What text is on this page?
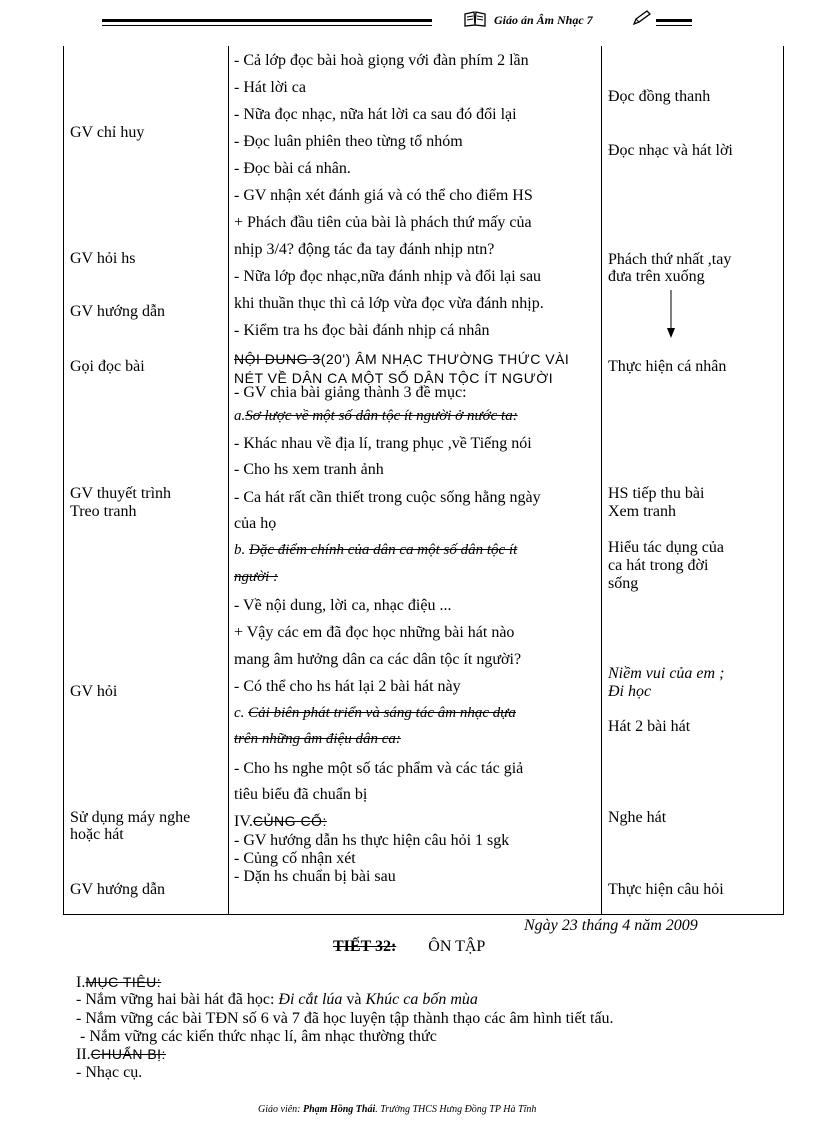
Giáo án Âm Nhạc 7
GV chỉ huy
GV hỏi hs
GV hướng dẫn
Gọi đọc bài
GV thuyết trình
Treo tranh
GV hỏi
Sử dụng máy nghe
hoặc hát
GV hướng dẫn
- Cả lớp đọc bài hoà giọng với đàn phím 2 lần
- Hát lời ca
- Nữa đọc nhạc, nữa hát lời ca sau đó đổi lại
- Đọc luân phiên theo từng tổ nhóm
- Đọc bài cá nhân.
- GV nhận xét đánh giá và có thể cho điểm HS
+ Phách đầu tiên của bài là phách thứ mấy của
nhịp 3/4? động tác đa tay đánh nhịp ntn?
- Nữa lớp đọc nhạc,nữa đánh nhịp và đổi lại sau
khi thuần thục thì cả lớp vừa đọc vừa đánh nhịp.
- Kiểm tra hs đọc bài đánh nhịp cá nhân
NỘI DUNG 3(20') ÂM NHẠC THƯỜNG THỨC VÀI
NÉT VỀ DÂN CA MỘT SỐ DÂN TỘC ÍT NGƯỜI
- GV chia bài giảng thành 3 đề mục:
a.Sơ lược về một số dân tộc ít người ở nước ta:
- Khác nhau về địa lí, trang phục ,về Tiếng nói
- Cho hs xem tranh ảnh
- Ca hát rất cần thiết trong cuộc sống hằng ngày
của họ
b. Đặc điểm chính của dân ca một số dân tộc ít
người :
- Về nội dung, lời ca, nhạc điệu ...
+ Vậy các em đã đọc học những bài hát nào
mang âm hưởng dân ca các dân tộc ít người?
- Có thể cho hs hát lại 2 bài hát này
c. Cải biên phát triển và sáng tác âm nhạc dựa
trên những âm điệu dân ca:
- Cho hs nghe một số tác phẩm và các tác giả
tiêu biểu đã chuẩn bị
IV.CỦNG CỐ:
- GV hướng dẫn hs thực hiện câu hỏi 1 sgk
- Củng cố nhận xét
- Dặn hs chuẩn bị bài sau
Đọc đồng thanh
Đọc nhạc và hát lời
Phách thứ nhất ,tay
đưa trên xuống
Thực hiện cá nhân
HS tiếp thu bài
Xem tranh
Hiểu tác dụng của
ca hát trong đời
sống
Niềm vui của em ;
Đi học
Hát 2 bài hát
Nghe hát
Thực hiện câu hỏi
Ngày 23 tháng 4 năm 2009
TIẾT 32: ÔN TẬP
I.MỤC TIÊU:
- Nắm vững hai bài hát đã học: Đi cắt lúa và Khúc ca bốn mùa
- Nắm vững các bài TĐN số 6 và 7 đã học luyện tập thành thạo các âm hình tiết tấu.
- Nắm vững các kiến thức nhạc lí, âm nhạc thường thức
II.CHUẨN BỊ:
- Nhạc cụ.
Giáo viên: Phạm Hồng Thái. Trường THCS Hưng Đồng TP Hà Tĩnh
